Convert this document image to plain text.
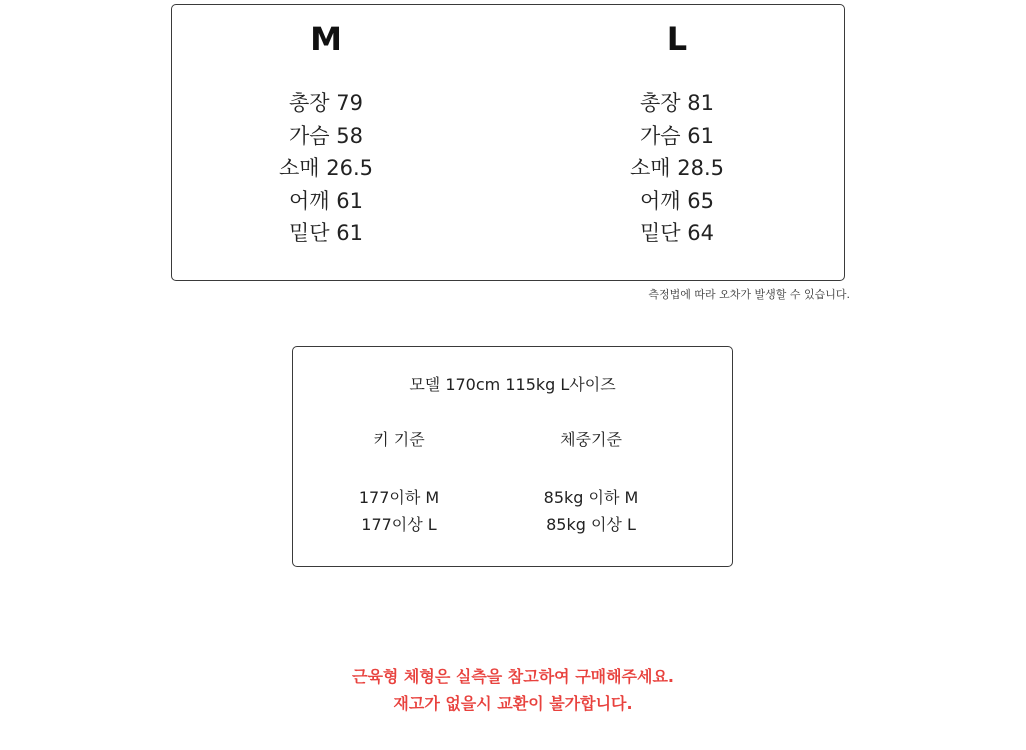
M
총장 79
가슴 58
소매 26.5
어깨 61
밑단 61
L
총장 81
가슴 61
소매 28.5
어깨 65
밑단 64
측정법에 따라 오차가 발생할 수 있습니다.
모델 170cm 115kg L사이즈
키 기준
177이하 M
177이상 L
체중기준
85kg 이하 M
85kg 이상 L
근육형 체형은 실측을 참고하여 구매해주세요.
재고가 없을시 교환이 불가합니다.
